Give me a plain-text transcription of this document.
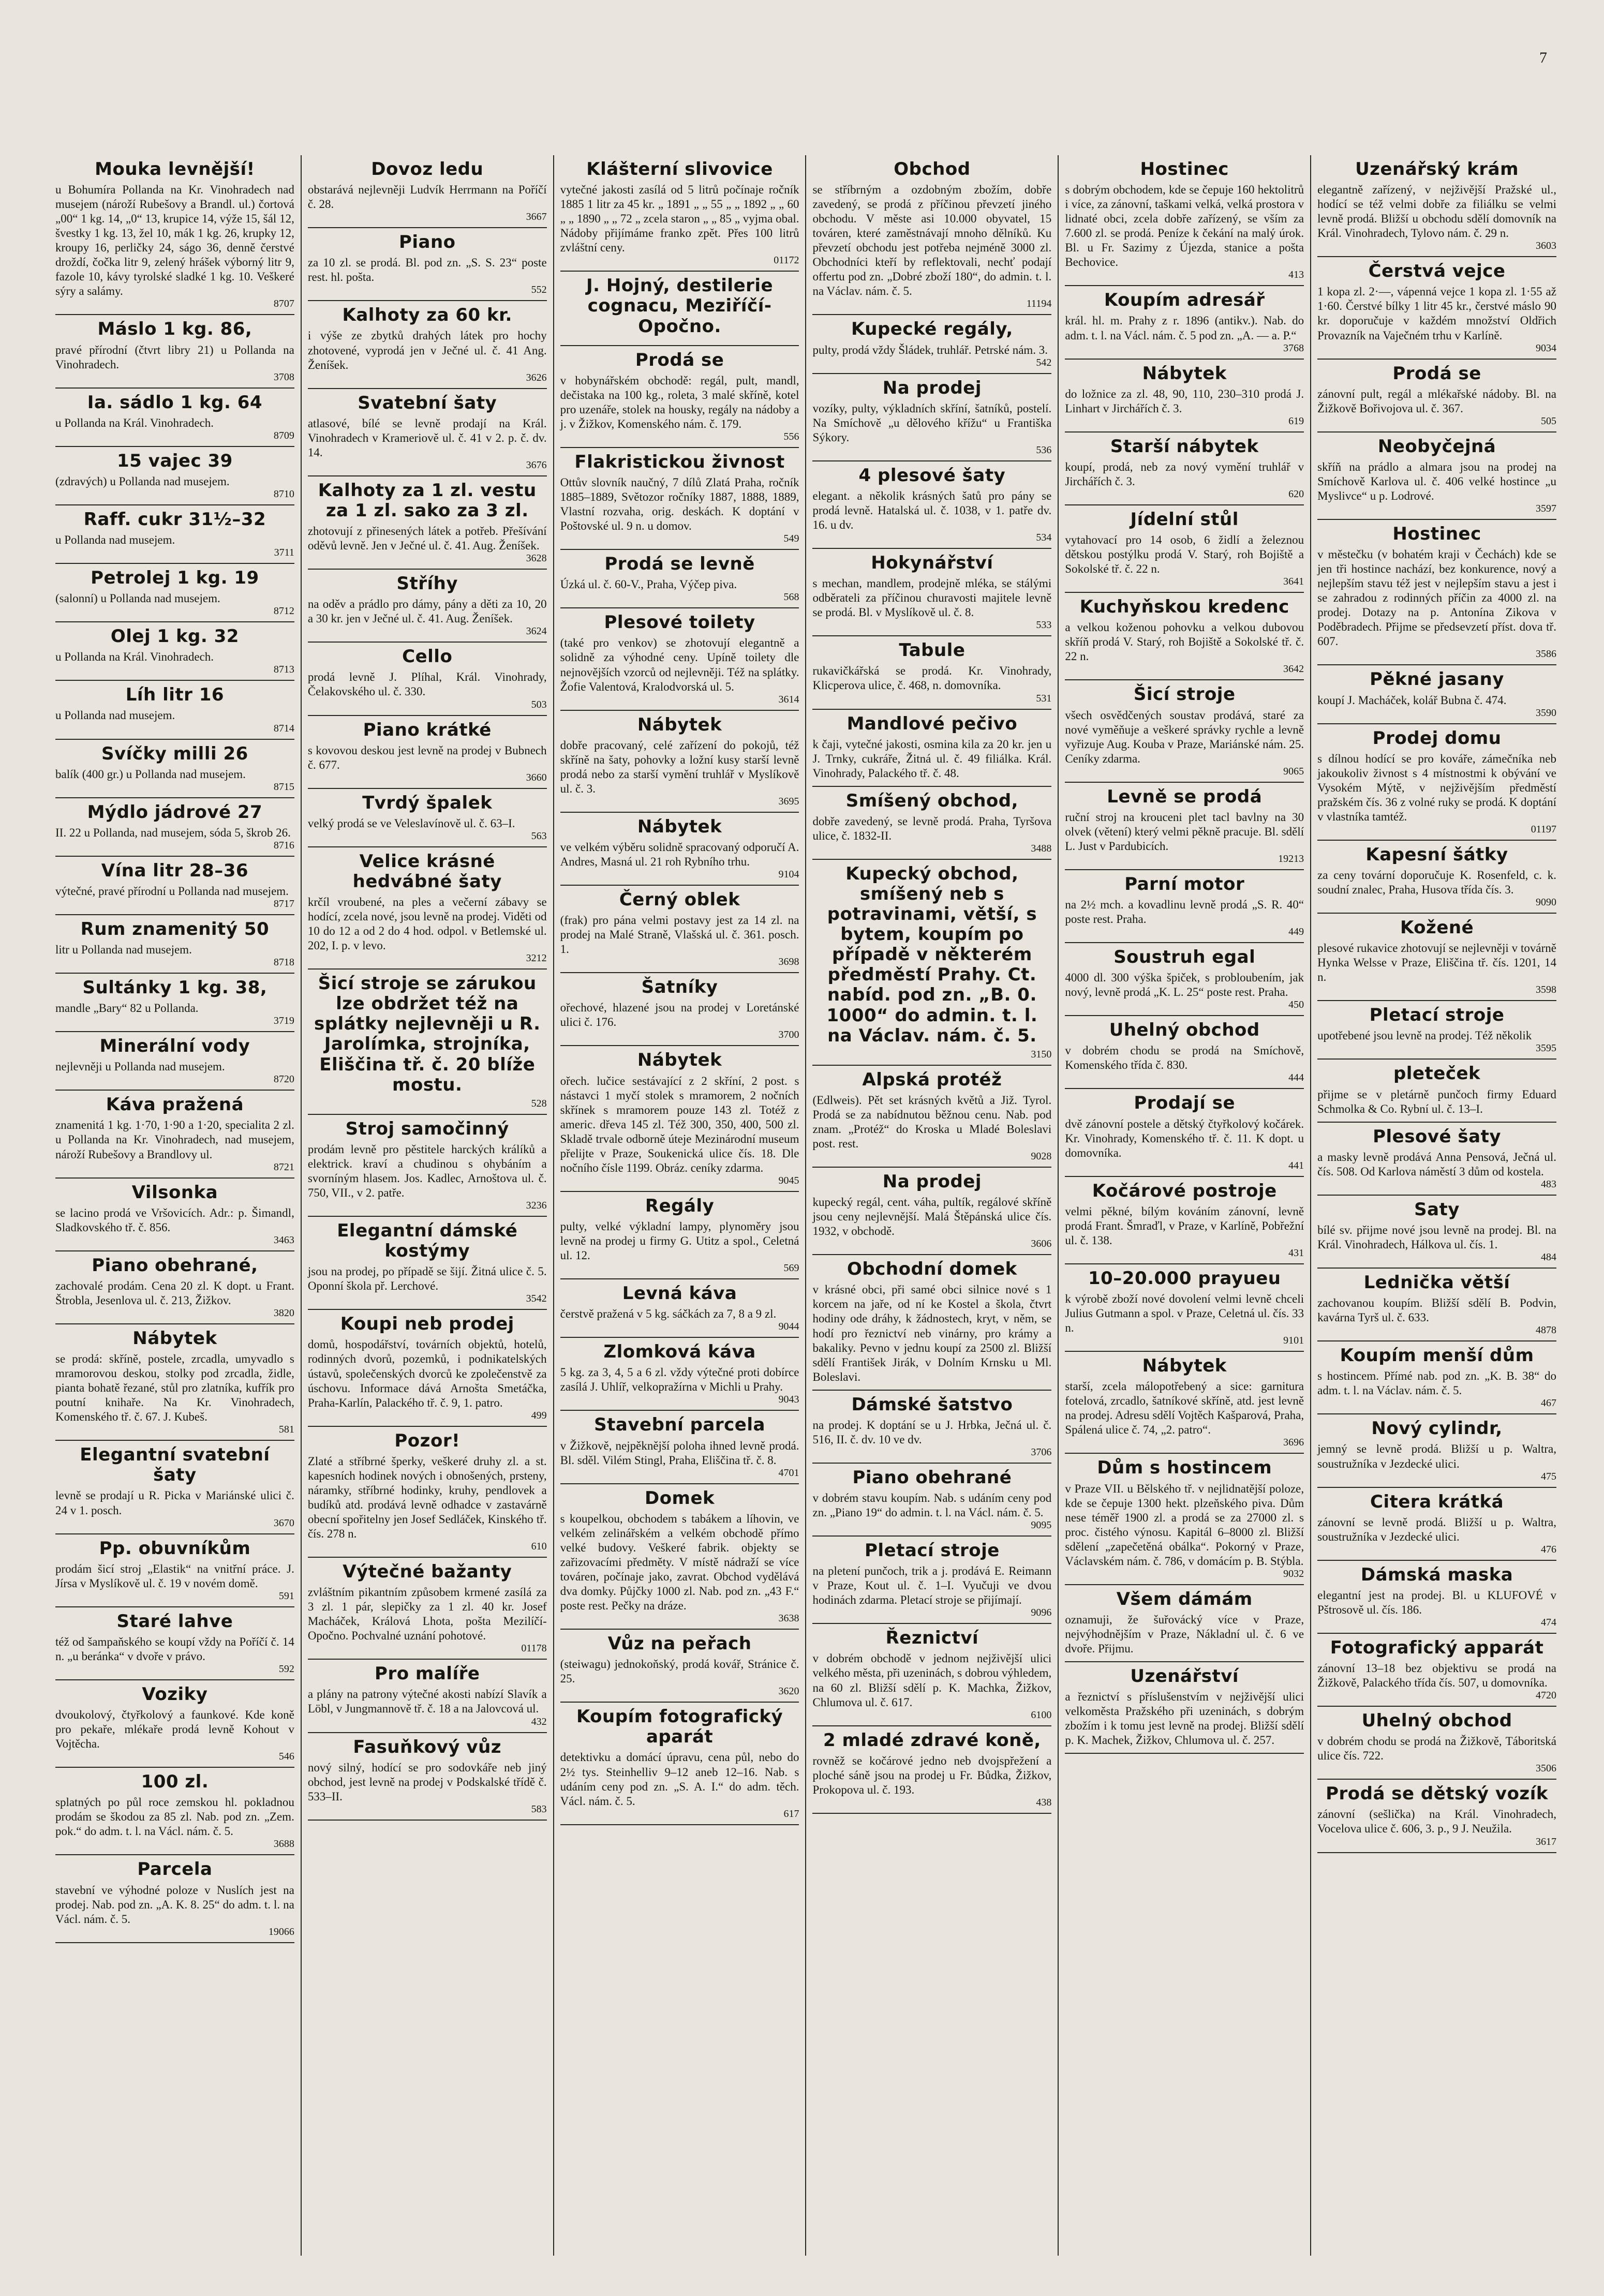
7
Mouka levnější!

u Bohumíra Pollanda na Kr. Vinohradech nad musejem (nároží Rubešovy a Brandl. ul.) čortová „00“ 1 kg. 14, „0“ 13, krupice 14, výže 15, šál 12, švestky 1 kg. 13, žel 10, mák 1 kg. 26, krupky 12, kroupy 16, perličky 24, ságo 36, denně čerstvé droždí, čočka litr 9, zelený hrášek výborný litr 9, fazole 10, kávy tyrolské sladké 1 kg. 10. Veškeré sýry a salámy.

8707
Máslo 1 kg. 86,

pravé přírodní (čtvrt libry 21) u Pollanda na Vinohradech.

3708
Ia. sádlo 1 kg. 64

u Pollanda na Král. Vinohradech.

8709
15 vajec 39

(zdravých) u Pollanda nad musejem.

8710
Raff. cukr 31½–32

u Pollanda nad musejem.

3711
Petrolej 1 kg. 19

(salonní) u Pollanda nad musejem.

8712
Olej 1 kg. 32

u Pollanda na Král. Vinohradech.

8713
Líh litr 16

u Pollanda nad musejem.

8714
Svíčky milli 26

balík (400 gr.) u Pollanda nad musejem.

8715
Mýdlo jádrové 27

II. 22 u Pollanda, nad musejem, sóda 5, škrob 26.

8716
Vína litr 28–36

výtečné, pravé přírodní u Pollanda nad musejem.

8717
Rum znamenitý 50

litr u Pollanda nad musejem.

8718
Sultánky 1 kg. 38,

mandle „Bary“ 82 u Pollanda.

3719
Minerální vody

nejlevněji u Pollanda nad musejem.

8720
Káva pražená

znamenitá 1 kg. 1·70, 1·90 a 1·20, specialita 2 zl. u Pollanda na Kr. Vinohradech, nad musejem, nároží Rubešovy a Brandlovy ul.

8721
Vilsonka

se lacino prodá ve Vršovicích. Adr.: p. Šimandl, Sladkovského tř. č. 856.

3463
Piano obehrané,

zachovalé prodám. Cena 20 zl. K dopt. u Frant. Štrobla, Jesenlova ul. č. 213, Žižkov.

3820
Nábytek

se prodá: skříně, postele, zrcadla, umyvadlo s mramorovou deskou, stolky pod zrcadla, židle, pianta bohatě řezané, stůl pro zlatníka, kufřík pro poutní knihaře. Na Kr. Vinohradech, Komenského tř. č. 67. J. Kubeš.

581
Elegantní svatební šaty

levně se prodají u R. Picka v Mariánské ulici č. 24 v 1. posch.

3670
Pp. obuvníkům

prodám šicí stroj „Elastik“ na vnitřní práce. J. Jírsa v Myslíkově ul. č. 19 v novém domě.

591
Staré lahve

též od šampaňského se koupí vždy na Poříčí č. 14 n. „u beránka“ v dvoře v právo.

592
Voziky

dvoukolový, čtyřkolový a faunkové. Kde koně pro pekaře, mlékaře prodá levně Kohout v Vojtěcha.

546
100 zl.

splatných po půl roce zemskou hl. pokladnou prodám se škodou za 85 zl. Nab. pod zn. „Zem. pok.“ do adm. t. l. na Václ. nám. č. 5.

3688
Parcela

stavební ve výhodné poloze v Nuslích jest na prodej. Nab. pod zn. „A. K. 8. 25“ do adm. t. l. na Václ. nám. č. 5.

19066
Dovoz ledu

obstarává nejlevněji Ludvík Herrmann na Poříčí č. 28.

3667
Piano

za 10 zl. se prodá. Bl. pod zn. „S. S. 23“ poste rest. hl. pošta.

552
Kalhoty za 60 kr.

i výše ze zbytků drahých látek pro hochy zhotovené, vyprodá jen v Ječné ul. č. 41 Ang. Ženíšek.

3626
Svatební šaty

atlasové, bílé se levně prodají na Král. Vinohradech v Krameriově ul. č. 41 v 2. p. č. dv. 14.

3676
Kalhoty za 1 zl. vestu za 1 zl. sako za 3 zl.

zhotovují z přinesených látek a potřeb. Přešívání oděvů levně. Jen v Ječné ul. č. 41. Aug. Ženíšek.

3628
Stříhy

na oděv a prádlo pro dámy, pány a děti za 10, 20 a 30 kr. jen v Ječné ul. č. 41. Aug. Ženíšek.

3624
Cello

prodá levně J. Plíhal, Král. Vinohrady, Čelakovského ul. č. 330.

503
Piano krátké

s kovovou deskou jest levně na prodej v Bubnech č. 677.

3660
Tvrdý špalek

velký prodá se ve Veleslavínově ul. č. 63–I.

563
Velice krásné hedvábné šaty

krčíl vroubené, na ples a večerní zábavy se hodící, zcela nové, jsou levně na prodej. Viděti od 10 do 12 a od 2 do 4 hod. odpol. v Betlemské ul. 202, I. p. v levo.

3212
Šicí stroje se zárukou lze obdržet též na splátky nejlevněji u R. Jarolímka, strojníka, Eliščina tř. č. 20 blíže mostu.
528
Stroj samočinný

prodám levně pro pěstitele harckých králíků a elektrick. kraví a chudinou s ohybáním a svorníným hlasem. Jos. Kadlec, Arnoštova ul. č. 750, VII., v 2. patře.

3236
Elegantní dámské kostýmy

jsou na prodej, po případě se šijí. Žitná ulice č. 5. Oponní škola př. Lerchové.

3542
Koupi neb prodej

domů, hospodářství, továrních objektů, hotelů, rodinných dvorů, pozemků, i podnikatelských ústavů, společenských dvorců ke zpolečenstvě za úschovu. Informace dává Arnošta Smetáčka, Praha-Karlín, Palackého tř. č. 9, 1. patro.

499
Pozor!

Zlaté a stříbrné šperky, veškeré druhy zl. a st. kapesních hodinek nových i obnošených, prsteny, náramky, stříbrné hodinky, kruhy, pendlovek a budíků atd. prodává levně odhadce v zastavárně obecní spořitelny jen Josef Sedláček, Kinského tř. čís. 278 n.

610
Výtečné bažanty

zvláštním pikantním způsobem krmené zasílá za 3 zl. 1 pár, slepičky za 1 zl. 40 kr. Josef Macháček, Králová Lhota, pošta Mezilíčí-Opočno. Pochvalné uznání pohotové.

01178
Pro malíře

a plány na patrony výtečné akosti nabízí Slavík a Löbl, v Jungmannově tř. č. 18 a na Jalovcová ul.

432
Fasuňkový vůz

nový silný, hodící se pro sodovkáře neb jiný obchod, jest levně na prodej v Podskalské třídě č. 533–II.

583
Klášterní slivovice

vytečné jakosti zasílá od 5 litrů počínaje ročník 1885 1 litr za 45 kr. „ 1891 „ „ 55 „ „ 1892 „ „ 60 „ „ 1890 „ „ 72 „ zcela staron „ „ 85 „ vyjma obal. Nádoby přijímáme franko zpět. Přes 100 litrů zvláštní ceny.

01172
J. Hojný, destilerie cognacu, Meziříčí-Opočno.
Prodá se

v hobynářském obchodě: regál, pult, mandl, dečistaka na 100 kg., roleta, 3 malé skříně, kotel pro uzenáře, stolek na housky, regály na nádoby a j. v Žižkov, Komenského nám. č. 179.

556
Flakristickou živnost

Ottův slovník naučný, 7 dílů Zlatá Praha, ročník 1885–1889, Světozor ročníky 1887, 1888, 1889, Vlastní rozvaha, orig. deskách. K doptání v Poštovské ul. 9 n. u domov.

549
Prodá se levně

Úzká ul. č. 60-V., Praha, Výčep piva.

568
Plesové toilety

(také pro venkov) se zhotovují elegantně a solidně za výhodné ceny. Upíně toilety dle nejnovějších vzorců od nejlevněji. Též na splátky. Žofie Valentová, Kralodvorská ul. 5.

3614
Nábytek

dobře pracovaný, celé zařízení do pokojů, též skříně na šaty, pohovky a ložní kusy starší levně prodá nebo za starší vymění truhlář v Myslíkově ul. č. 3.

3695
Nábytek

ve velkém výběru solidně spracovaný odporučí A. Andres, Masná ul. 21 roh Rybního trhu.

9104
Černý oblek

(frak) pro pána velmi postavy jest za 14 zl. na prodej na Malé Straně, Vlašská ul. č. 361. posch. 1.

3698
Šatníky

ořechové, hlazené jsou na prodej v Loretánské ulici č. 176.

3700
Nábytek

ořech. lučice sestávající z 2 skříní, 2 post. s nástavci 1 myčí stolek s mramorem, 2 nočních skřínek s mramorem pouze 143 zl. Totéž z americ. dřeva 145 zl. Též 300, 350, 400, 500 zl. Skladě trvale odborně úteje Mezinárodní museum přelijte v Praze, Soukenická ulice čís. 18. Dle nočního čísle 1199. Obráz. ceníky zdarma.

9045
Regály

pulty, velké výkladní lampy, plynoměry jsou levně na prodej u firmy G. Utitz a spol., Celetná ul. 12.

569
Levná káva

čerstvě pražená v 5 kg. sáčkách za 7, 8 a 9 zl.

9044
Zlomková káva

5 kg. za 3, 4, 5 a 6 zl. vždy výtečné proti dobírce zasílá J. Uhlíř, velkopražírna v Michli u Prahy.

9043
Stavební parcela

v Žižkově, nejpěknější poloha ihned levně prodá. Bl. sděl. Vilém Stingl, Praha, Eliščina tř. č. 8.

4701
Domek

s koupelkou, obchodem s tabákem a líhovin, ve velkém zelinářském a velkém obchodě přímo velké budovy. Veškeré fabrik. objekty se zařizovacími předměty. V místě nádraží se více továren, počínaje jako, zavrat. Obchod vydělává dva domky. Půjčky 1000 zl. Nab. pod zn. „43 F.“ poste rest. Pečky na dráze.

3638
Vůz na peřach

(steiwagu) jednokoňský, prodá kovář, Stránice č. 25.

3620
Koupím fotografický aparát

detektivku a domácí úpravu, cena půl, nebo do 2½ tys. Steinhelliv 9–12 aneb 12–16. Nab. s udáním ceny pod zn. „S. A. I.“ do adm. těch. Václ. nám. č. 5.

617
Obchod

se stříbrným a ozdobným zbožím, dobře zavedený, se prodá z příčinou převzetí jiného obchodu. V měste asi 10.000 obyvatel, 15 továren, které zaměstnávají mnoho dělníků. Ku převzetí obchodu jest potřeba nejméně 3000 zl. Obchodníci kteří by reflektovali, nechť podají offertu pod zn. „Dobré zboží 180“, do admin. t. l. na Václav. nám. č. 5.

11194
Kupecké regály,

pulty, prodá vždy Šládek, truhlář. Petrské nám. 3.

542
Na prodej

vozíky, pulty, výkladních skříní, šatníků, postelí. Na Smíchově „u dělového křížu“ u Františka Sýkory.

536
4 plesové šaty

elegant. a několik krásných šatů pro pány se prodá levně. Hatalská ul. č. 1038, v 1. patře dv. 16. u dv.

534
Hokynářství

s mechan, mandlem, prodejně mléka, se stálými odběrateli za příčinou churavosti majitele levně se prodá. Bl. v Myslíkově ul. č. 8.

533
Tabule

rukavičkářská se prodá. Kr. Vinohrady, Klicperova ulice, č. 468, n. domovníka.

531
Mandlové pečivo

k čaji, vytečné jakosti, osmina kila za 20 kr. jen u J. Trnky, cukráře, Žitná ul. č. 49 filiálka. Král. Vinohrady, Palackého tř. č. 48.

Smíšený obchod,

dobře zavedený, se levně prodá. Praha, Tyršova ulice, č. 1832-II.

3488
Kupecký obchod, smíšený neb s potravinami, větší, s bytem, koupím po případě v některém předměstí Prahy. Ct. nabíd. pod zn. „B. 0. 1000“ do admin. t. l. na Václav. nám. č. 5.
3150
Alpská protéž

(Edlweis). Pět set krásných květů a Již. Tyrol. Prodá se za nabídnutou běžnou cenu. Nab. pod znam. „Protéž“ do Kroska u Mladé Boleslavi post. rest.

9028
Na prodej

kupecký regál, cent. váha, pultík, regálové skříně jsou ceny nejlevnější. Malá Štěpánská ulice čís. 1932, v obchodě.

3606
Obchodní domek

v krásné obci, při samé obci silnice nové s 1 korcem na jaře, od ní ke Kostel a škola, čtvrt hodiny ode dráhy, k žádnostech, kryt, v něm, se hodí pro řeznictví neb vinárny, pro krámy a bakaliky. Pevno v jednu koupí za 2500 zl. Bližší sdělí František Jirák, v Dolním Krnsku u Ml. Boleslavi.

Dámské šatstvo

na prodej. K doptání se u J. Hrbka, Ječná ul. č. 516, II. č. dv. 10 ve dv.

3706
Piano obehrané

v dobrém stavu koupím. Nab. s udáním ceny pod zn. „Piano 19“ do admin. t. l. na Václ. nám. č. 5.

9095
Pletací stroje

na pletení punčoch, trik a j. prodává E. Reimann v Praze, Kout ul. č. 1–I. Vyučuji ve dvou hodinách zdarma. Pletací stroje se přijímají.

9096
Řeznictví

v dobrém obchodě v jednom nejživější ulici velkého města, při uzeninách, s dobrou výhledem, na 60 zl. Bližší sdělí p. K. Machka, Žižkov, Chlumova ul. č. 617.

6100
2 mladé zdravé koně,

rovněž se kočárové jedno neb dvojspřežení a ploché sáně jsou na prodej u Fr. Bůdka, Žižkov, Prokopova ul. č. 193.

438
Hostinec

s dobrým obchodem, kde se čepuje 160 hektolitrů i více, za zánovní, taškami velká, velká prostora v lidnaté obci, zcela dobře zařízený, se vším za 7.600 zl. se prodá. Peníze k čekání na malý úrok. Bl. u Fr. Sazimy z Újezda, stanice a pošta Bechovice.

413
Koupím adresář

král. hl. m. Prahy z r. 1896 (antikv.). Nab. do adm. t. l. na Václ. nám. č. 5 pod zn. „A. — a. P.“

3768
Nábytek

do ložnice za zl. 48, 90, 110, 230–310 prodá J. Linhart v Jirchářích č. 3.

619
Starší nábytek

koupí, prodá, neb za nový vymění truhlář v Jirchářích č. 3.

620
Jídelní stůl

vytahovací pro 14 osob, 6 židlí a železnou dětskou postýlku prodá V. Starý, roh Bojiště a Sokolské tř. č. 22 n.

3641
Kuchyňskou kredenc

a velkou koženou pohovku a velkou dubovou skříň prodá V. Starý, roh Bojiště a Sokolské tř. č. 22 n.

3642
Šicí stroje

všech osvědčených soustav prodává, staré za nové vyměňuje a veškeré správky rychle a levně vyřizuje Aug. Kouba v Praze, Mariánské nám. 25. Ceníky zdarma.

9065
Levně se prodá

ruční stroj na krouceni plet tacl bavlny na 30 olvek (větení) který velmi pěkně pracuje. Bl. sdělí L. Just v Pardubicích.

19213
Parní motor

na 2½ mch. a kovadlinu levně prodá „S. R. 40“ poste rest. Praha.

449
Soustruh egal

4000 dl. 300 výška špiček, s probloubením, jak nový, levně prodá „K. L. 25“ poste rest. Praha.

450
Uhelný obchod

v dobrém chodu se prodá na Smíchově, Komenského třída č. 830.

444
Prodají se

dvě zánovní postele a dětský čtyřkolový kočárek. Kr. Vinohrady, Komenského tř. č. 11. K dopt. u domovníka.

441
Kočárové postroje

velmi pěkné, bílým kováním zánovní, levně prodá Frant. Šmraďl, v Praze, v Karlíně, Pobřežní ul. č. 138.

431
10–20.000 prayueu

k výrobě zboží nové dovolení velmi levně chceli Julius Gutmann a spol. v Praze, Celetná ul. čís. 33 n.

9101
Nábytek

starší, zcela málopotřebený a sice: garnitura fotelová, zrcadlo, šatníkové skříně, atd. jest levně na prodej. Adresu sdělí Vojtěch Kašparová, Praha, Spálená ulice č. 74, „2. patro“.

3696
Dům s hostincem

v Praze VII. u Bělského tř. v nejlidnatější poloze, kde se čepuje 1300 hekt. plzeňského piva. Dům nese téměř 1900 zl. a prodá se za 27000 zl. s proc. čistého výnosu. Kapitál 6–8000 zl. Bližší sdělení „zapečetěná obálka“. Pokorný v Praze, Václavském nám. č. 786, v domácím p. B. Stýbla.

9032
Všem dámám

oznamuji, že šuřovácký více v Praze, nejvýhodnějším v Praze, Nákladní ul. č. 6 ve dvoře. Přijmu.

Uzenářství

a řeznictví s příslušenstvím v nejživější ulici velkoměsta Pražského při uzeninách, s dobrým zbožím i k tomu jest levně na prodej. Bližší sdělí p. K. Machek, Žižkov, Chlumova ul. č. 257.

Uzenářský krám

elegantně zařízený, v nejživější Pražské ul., hodící se též velmi dobře za filiálku se velmi levně prodá. Bližší u obchodu sdělí domovník na Král. Vinohradech, Tylovo nám. č. 29 n.

3603
Čerstvá vejce

1 kopa zl. 2·—, vápenná vejce 1 kopa zl. 1·55 až 1·60. Čerstvé bílky 1 litr 45 kr., čerstvé máslo 90 kr. doporučuje v každém množství Oldřich Provazník na Vaječném trhu v Karlíně.

9034
Prodá se

zánovní pult, regál a mlékařské nádoby. Bl. na Žižkově Bořivojova ul. č. 367.

505
Neobyčejná

skříň na prádlo a almara jsou na prodej na Smíchově Karlova ul. č. 406 velké hostince „u Myslivce“ u p. Lodrové.

3597
Hostinec

v městečku (v bohatém kraji v Čechách) kde se jen tři hostince nachází, bez konkurence, nový a nejlepším stavu též jest v nejlepším stavu a jest i se zahradou z rodinných příčin za 4000 zl. na prodej. Dotazy na p. Antonína Zikova v Poděbradech. Přijme se předsevzetí příst. dova tř. 607.

3586
Pěkné jasany

koupí J. Macháček, kolář Bubna č. 474.

3590
Prodej domu

s dílnou hodící se pro kováře, zámečníka neb jakoukoliv živnost s 4 místnostmi k obývání ve Vysokém Mýtě, v nejživějším předměstí pražském čís. 36 z volné ruky se prodá. K doptání v vlastníka tamtéž.

01197
Kapesní šátky

za ceny tovární doporučuje K. Rosenfeld, c. k. soudní znalec, Praha, Husova třída čís. 3.

9090
Kožené

plesové rukavice zhotovují se nejlevněji v továrně Hynka Welsse v Praze, Eliščina tř. čís. 1201, 14 n.

3598
Pletací stroje

upotřebené jsou levně na prodej. Též několik

3595
pleteček

přijme se v pletárně punčoch firmy Eduard Schmolka & Co. Rybní ul. č. 13–I.

Plesové šaty

a masky levně prodává Anna Pensová, Ječná ul. čís. 508. Od Karlova náměstí 3 dům od kostela.

483
Saty

bílé sv. přijme nové jsou levně na prodej. Bl. na Král. Vinohradech, Hálkova ul. čís. 1.

484
Lednička větší

zachovanou koupím. Bližší sdělí B. Podvin, kavárna Tyrš ul. č. 633.

4878
Koupím menší dům

s hostincem. Přímé nab. pod zn. „K. B. 38“ do adm. t. l. na Václav. nám. č. 5.

467
Nový cylindr,

jemný se levně prodá. Bližší u p. Waltra, soustružníka v Jezdecké ulici.

475
Citera krátká

zánovní se levně prodá. Bližší u p. Waltra, soustružníka v Jezdecké ulici.

476
Dámská maska

elegantní jest na prodej. Bl. u KLUFOVÉ v Pštrosově ul. čís. 186.

474
Fotografický apparát

zánovní 13–18 bez objektivu se prodá na Žižkově, Palackého třída čís. 507, u domovníka.

4720
Uhelný obchod

v dobrém chodu se prodá na Žižkově, Táboritská ulice čís. 722.

3506
Prodá se dětský vozík

zánovní (sešlička) na Král. Vinohradech, Vocelova ulice č. 606, 3. p., 9 J. Neužila.

3617
